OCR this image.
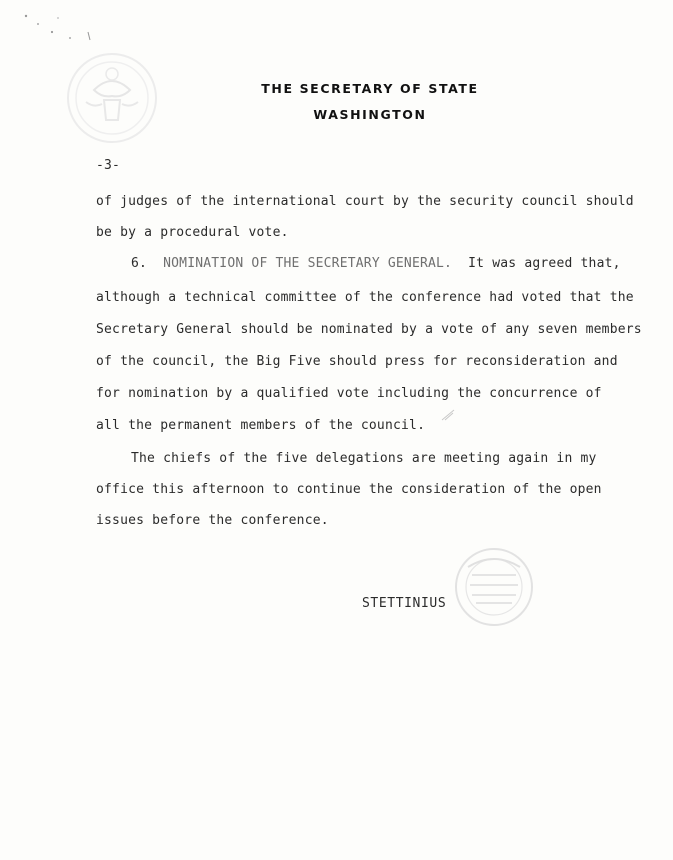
THE SECRETARY OF STATE
WASHINGTON
-3-
of judges of the international court by the security council should
be by a procedural vote.
6. NOMINATION OF THE SECRETARY GENERAL. It was agreed that,
although a technical committee of the conference had voted that the
Secretary General should be nominated by a vote of any seven members
of the council, the Big Five should press for reconsideration and
for nomination by a qualified vote including the concurrence of
all the permanent members of the council.
The chiefs of the five delegations are meeting again in my
office this afternoon to continue the consideration of the open
issues before the conference.
STETTINIUS
